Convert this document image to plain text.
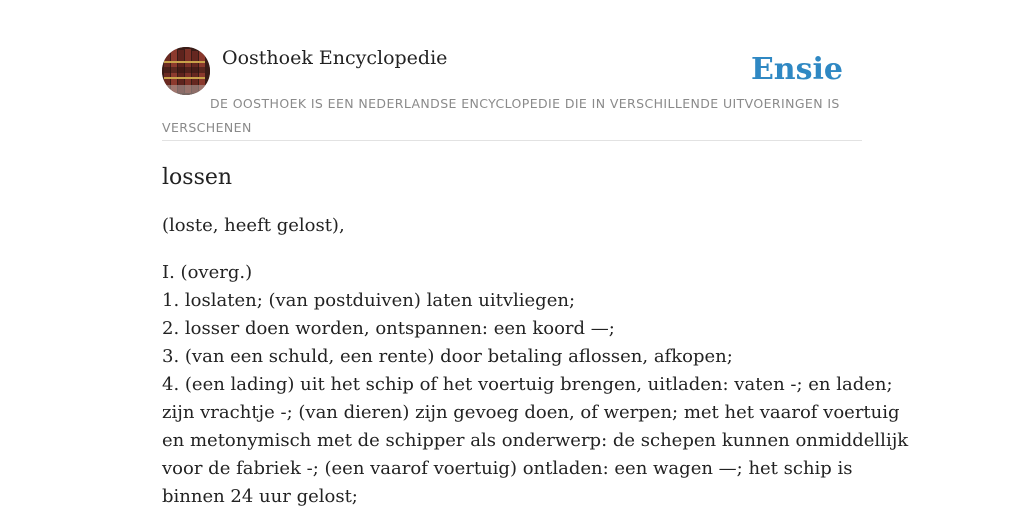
Oosthoek Encyclopedie	Ensie
DE OOSTHOEK IS EEN NEDERLANDSE ENCYCLOPEDIE DIE IN VERSCHILLENDE UITVOERINGEN IS VERSCHENEN
lossen

(loste, heeft gelost),

I. (overg.)
1. loslaten; (van postduiven) laten uitvliegen;
2. losser doen worden, ontspannen: een koord —;
3. (van een schuld, een rente) door betaling aflossen, afkopen;
4. (een lading) uit het schip of het voertuig brengen, uitladen: vaten -; en laden;
zijn vrachtje -; (van dieren) zijn gevoeg doen, of werpen; met het vaarof voertuig
en metonymisch met de schipper als onderwerp: de schepen kunnen onmiddellijk
voor de fabriek -; (een vaarof voertuig) ontladen: een wagen —; het schip is
binnen 24 uur gelost;
